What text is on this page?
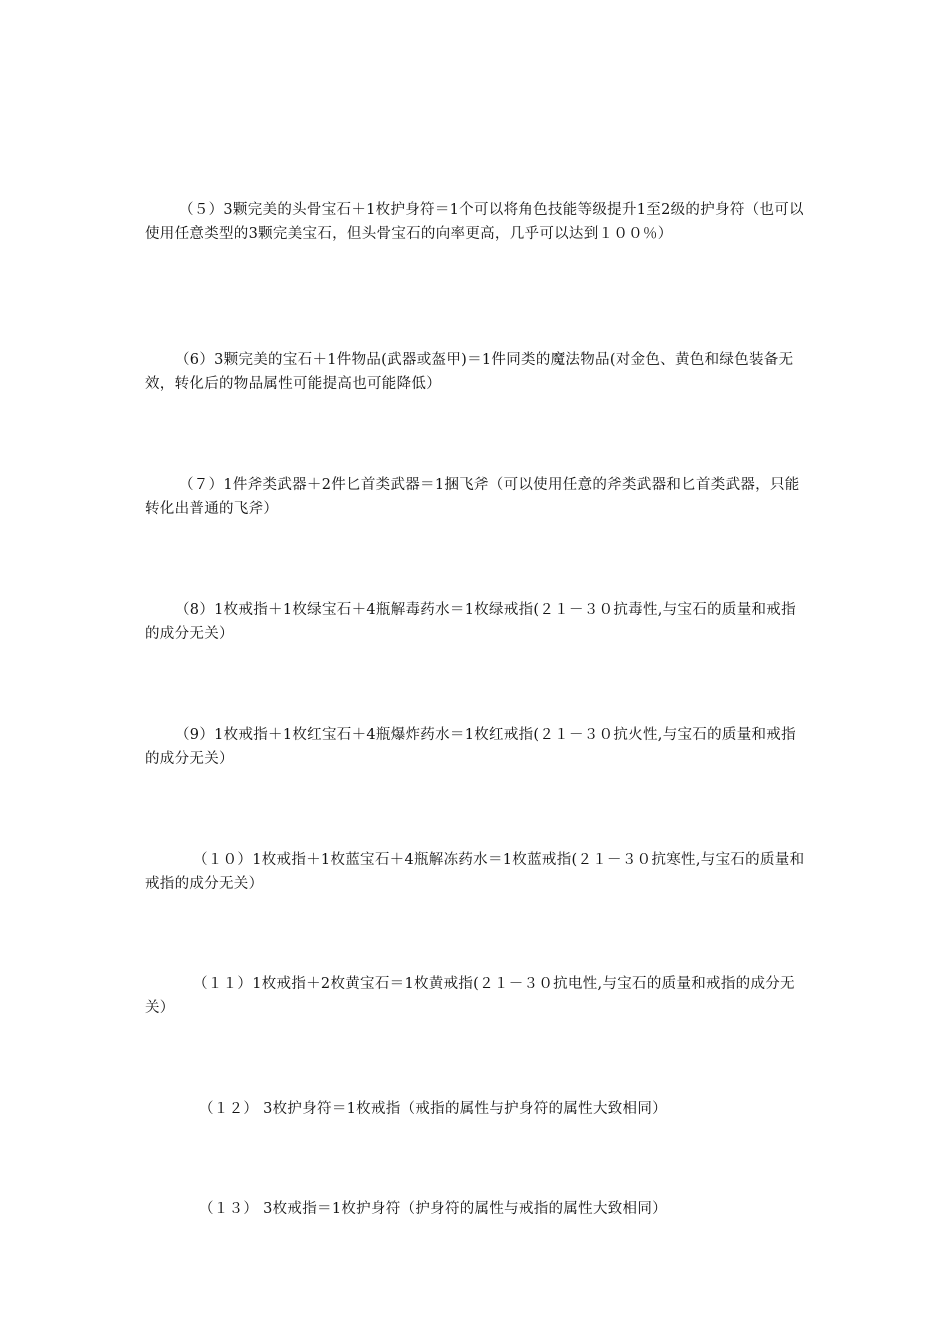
（５）3颗完美的头骨宝石＋1枚护身符＝1个可以将角色技能等级提升1至2级的护身符（也可以使用任意类型的3颗完美宝石，但头骨宝石的向率更高，几乎可以达到１００％）

（6）3颗完美的宝石＋1件物品(武器或盔甲)＝1件同类的魔法物品(对金色、黄色和绿色装备无效，转化后的物品属性可能提高也可能降低）

（７）1件斧类武器＋2件匕首类武器＝1捆飞斧（可以使用任意的斧类武器和匕首类武器，只能转化出普通的飞斧）

（8）1枚戒指＋1枚绿宝石＋4瓶解毒药水＝1枚绿戒指(２１－３０抗毒性,与宝石的质量和戒指的成分无关）

（9）1枚戒指＋1枚红宝石＋4瓶爆炸药水＝1枚红戒指(２１－３０抗火性,与宝石的质量和戒指的成分无关）

（１０）1枚戒指＋1枚蓝宝石＋4瓶解冻药水＝1枚蓝戒指(２１－３０抗寒性,与宝石的质量和戒指的成分无关）

（１１）1枚戒指＋2枚黄宝石＝1枚黄戒指(２１－３０抗电性,与宝石的质量和戒指的成分无关）

（１２） 3枚护身符＝1枚戒指（戒指的属性与护身符的属性大致相同）

（１３） 3枚戒指＝1枚护身符（护身符的属性与戒指的属性大致相同）
